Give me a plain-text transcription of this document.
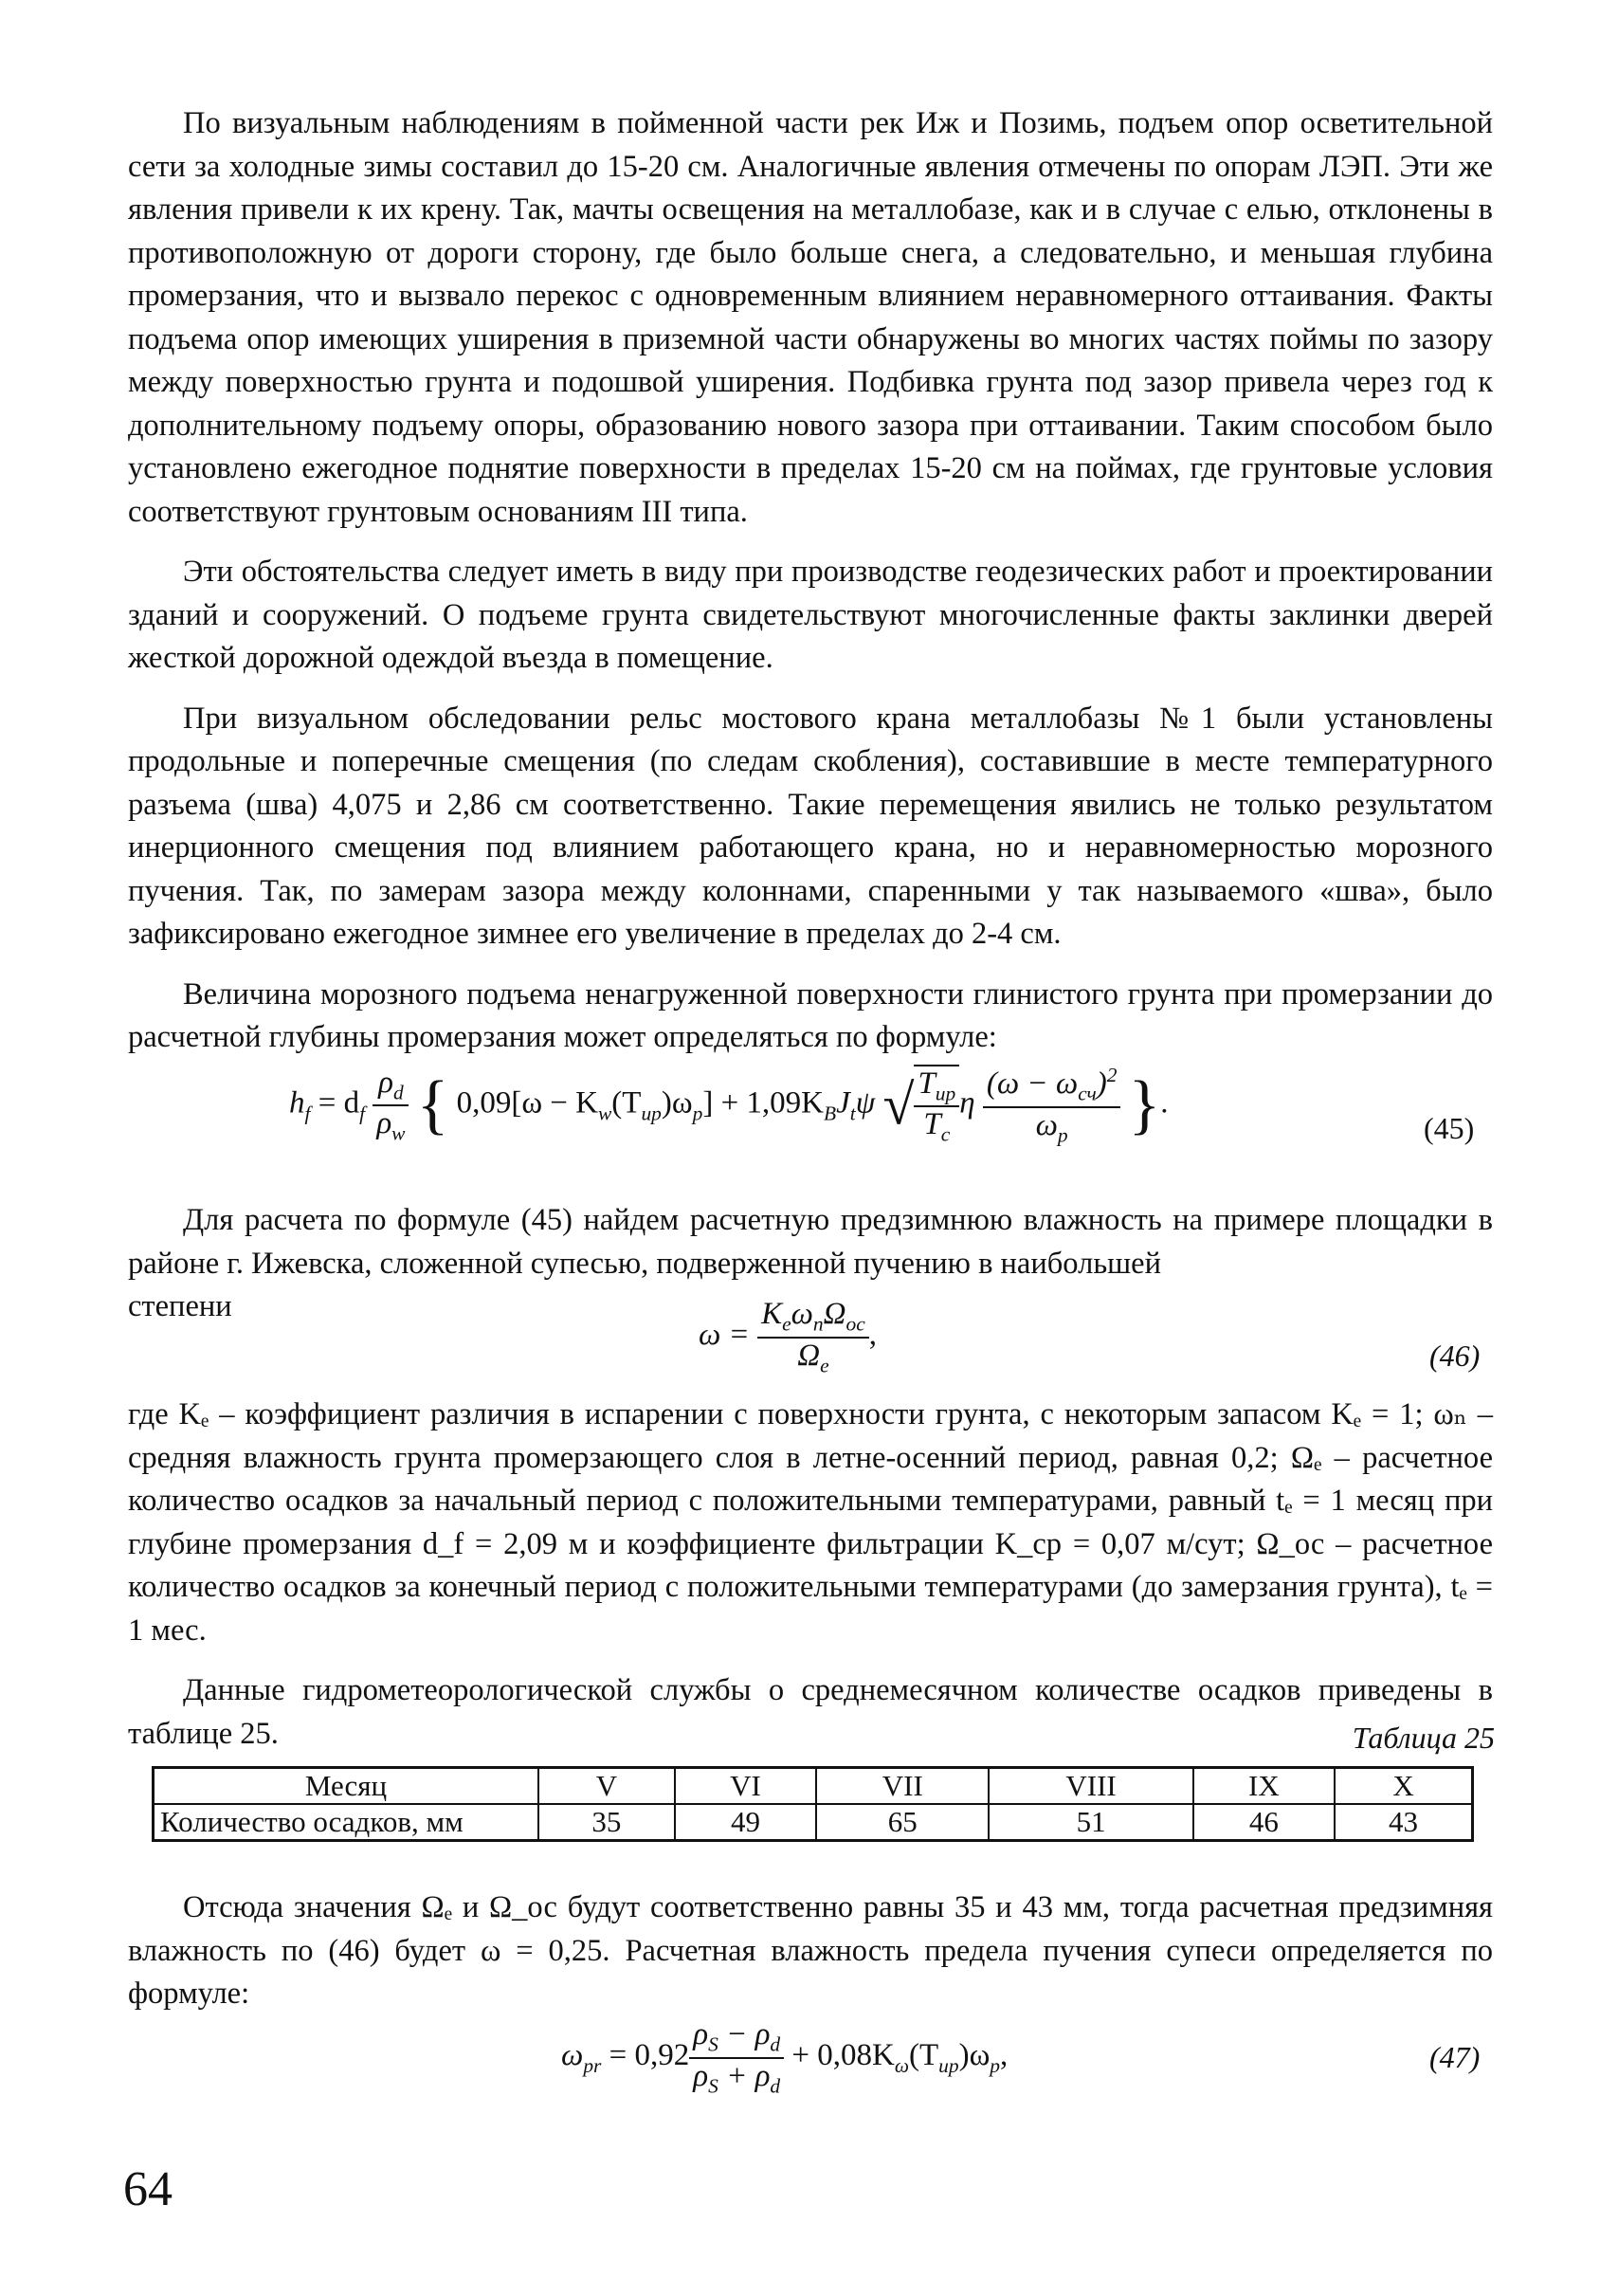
По визуальным наблюдениям в пойменной части рек Иж и Позимь, подъем опор осветительной сети за холодные зимы составил до 15-20 см. Аналогичные явления отмечены по опорам ЛЭП. Эти же явления привели к их крену. Так, мачты освещения на металлобазе, как и в случае с елью, отклонены в противоположную от дороги сторону, где было больше снега, а следовательно, и меньшая глубина промерзания, что и вызвало перекос с одновременным влиянием неравномерного оттаивания. Факты подъема опор имеющих уширения в приземной части обнаружены во многих частях поймы по зазору между поверхностью грунта и подошвой уширения. Подбивка грунта под зазор привела через год к дополнительному подъему опоры, образованию нового зазора при оттаивании. Таким способом было установлено ежегодное поднятие поверхности в пределах 15-20 см на поймах, где грунтовые условия соответствуют грунтовым основаниям III типа.

Эти обстоятельства следует иметь в виду при производстве геодезических работ и проектировании зданий и сооружений. О подъеме грунта свидетельствуют многочисленные факты заклинки дверей жесткой дорожной одеждой въезда в помещение.

При визуальном обследовании рельс мостового крана металлобазы №1 были установлены продольные и поперечные смещения (по следам скобления), составившие в месте температурного разъема (шва) 4,075 и 2,86 см соответственно. Такие перемещения явились не только результатом инерционного смещения под влиянием работающего крана, но и неравномерностью морозного пучения. Так, по замерам зазора между колоннами, спаренными у так называемого «шва», было зафиксировано ежегодное зимнее его увеличение в пределах до 2-4 см.

Величина морозного подъема ненагруженной поверхности глинистого грунта при промерзании до расчетной глубины промерзания может определяться по формуле:

$h_f = d_f \frac{\rho_d}{\rho_w}$ { $0,09[\omega - K_w(T_{ир})\omega_p] + 1,09K_BJ_t\psi$ √ $\frac{T_{ир}}{T_c}$ η $\frac{(\omega - \omega_{сч})^2}{\omega_p}$ }.
(45)

Для расчета по формуле (45) найдем расчетную предзимнюю влажность на примере площадки в районе г. Ижевска, сложенной супесью, подверженной пучению в наибольшей

степени

$\omega = \frac{K_e\omega_n\Omega_{ос}}{\Omega_e}$ ,
(46)

где Kₑ – коэффициент различия в испарении с поверхности грунта, с некоторым запасом Kₑ = 1; ωₙ – средняя влажность грунта промерзающего слоя в летне-осенний период, равная 0,2; Ωₑ – расчетное количество осадков за начальный период с положительными температурами, равный tₑ = 1 месяц при глубине промерзания d_f = 2,09 м и коэффициенте фильтрации K_ср = 0,07 м/сут; Ω_ос – расчетное количество осадков за конечный период с положительными температурами (до замерзания грунта), tₑ = 1 мес.

Данные гидрометеорологической службы о среднемесячном количестве осадков приведены в таблице 25.	Таблица 25
Месяц	V	VI	VII	VIII	IX	X
Количество осадков, мм	35	49	65	51	46	43

Отсюда значения Ωₑ и Ω_ос будут соответственно равны 35 и 43 мм, тогда расчетная предзимняя влажность по (46) будет ω = 0,25. Расчетная влажность предела пучения супеси определяется по формуле:

$\omega_{pr} = 0,92 \frac{\rho_S - \rho_d}{\rho_S + \rho_d} + 0,08K_\omega(T_{ир})\omega_p$,	(47)
64
